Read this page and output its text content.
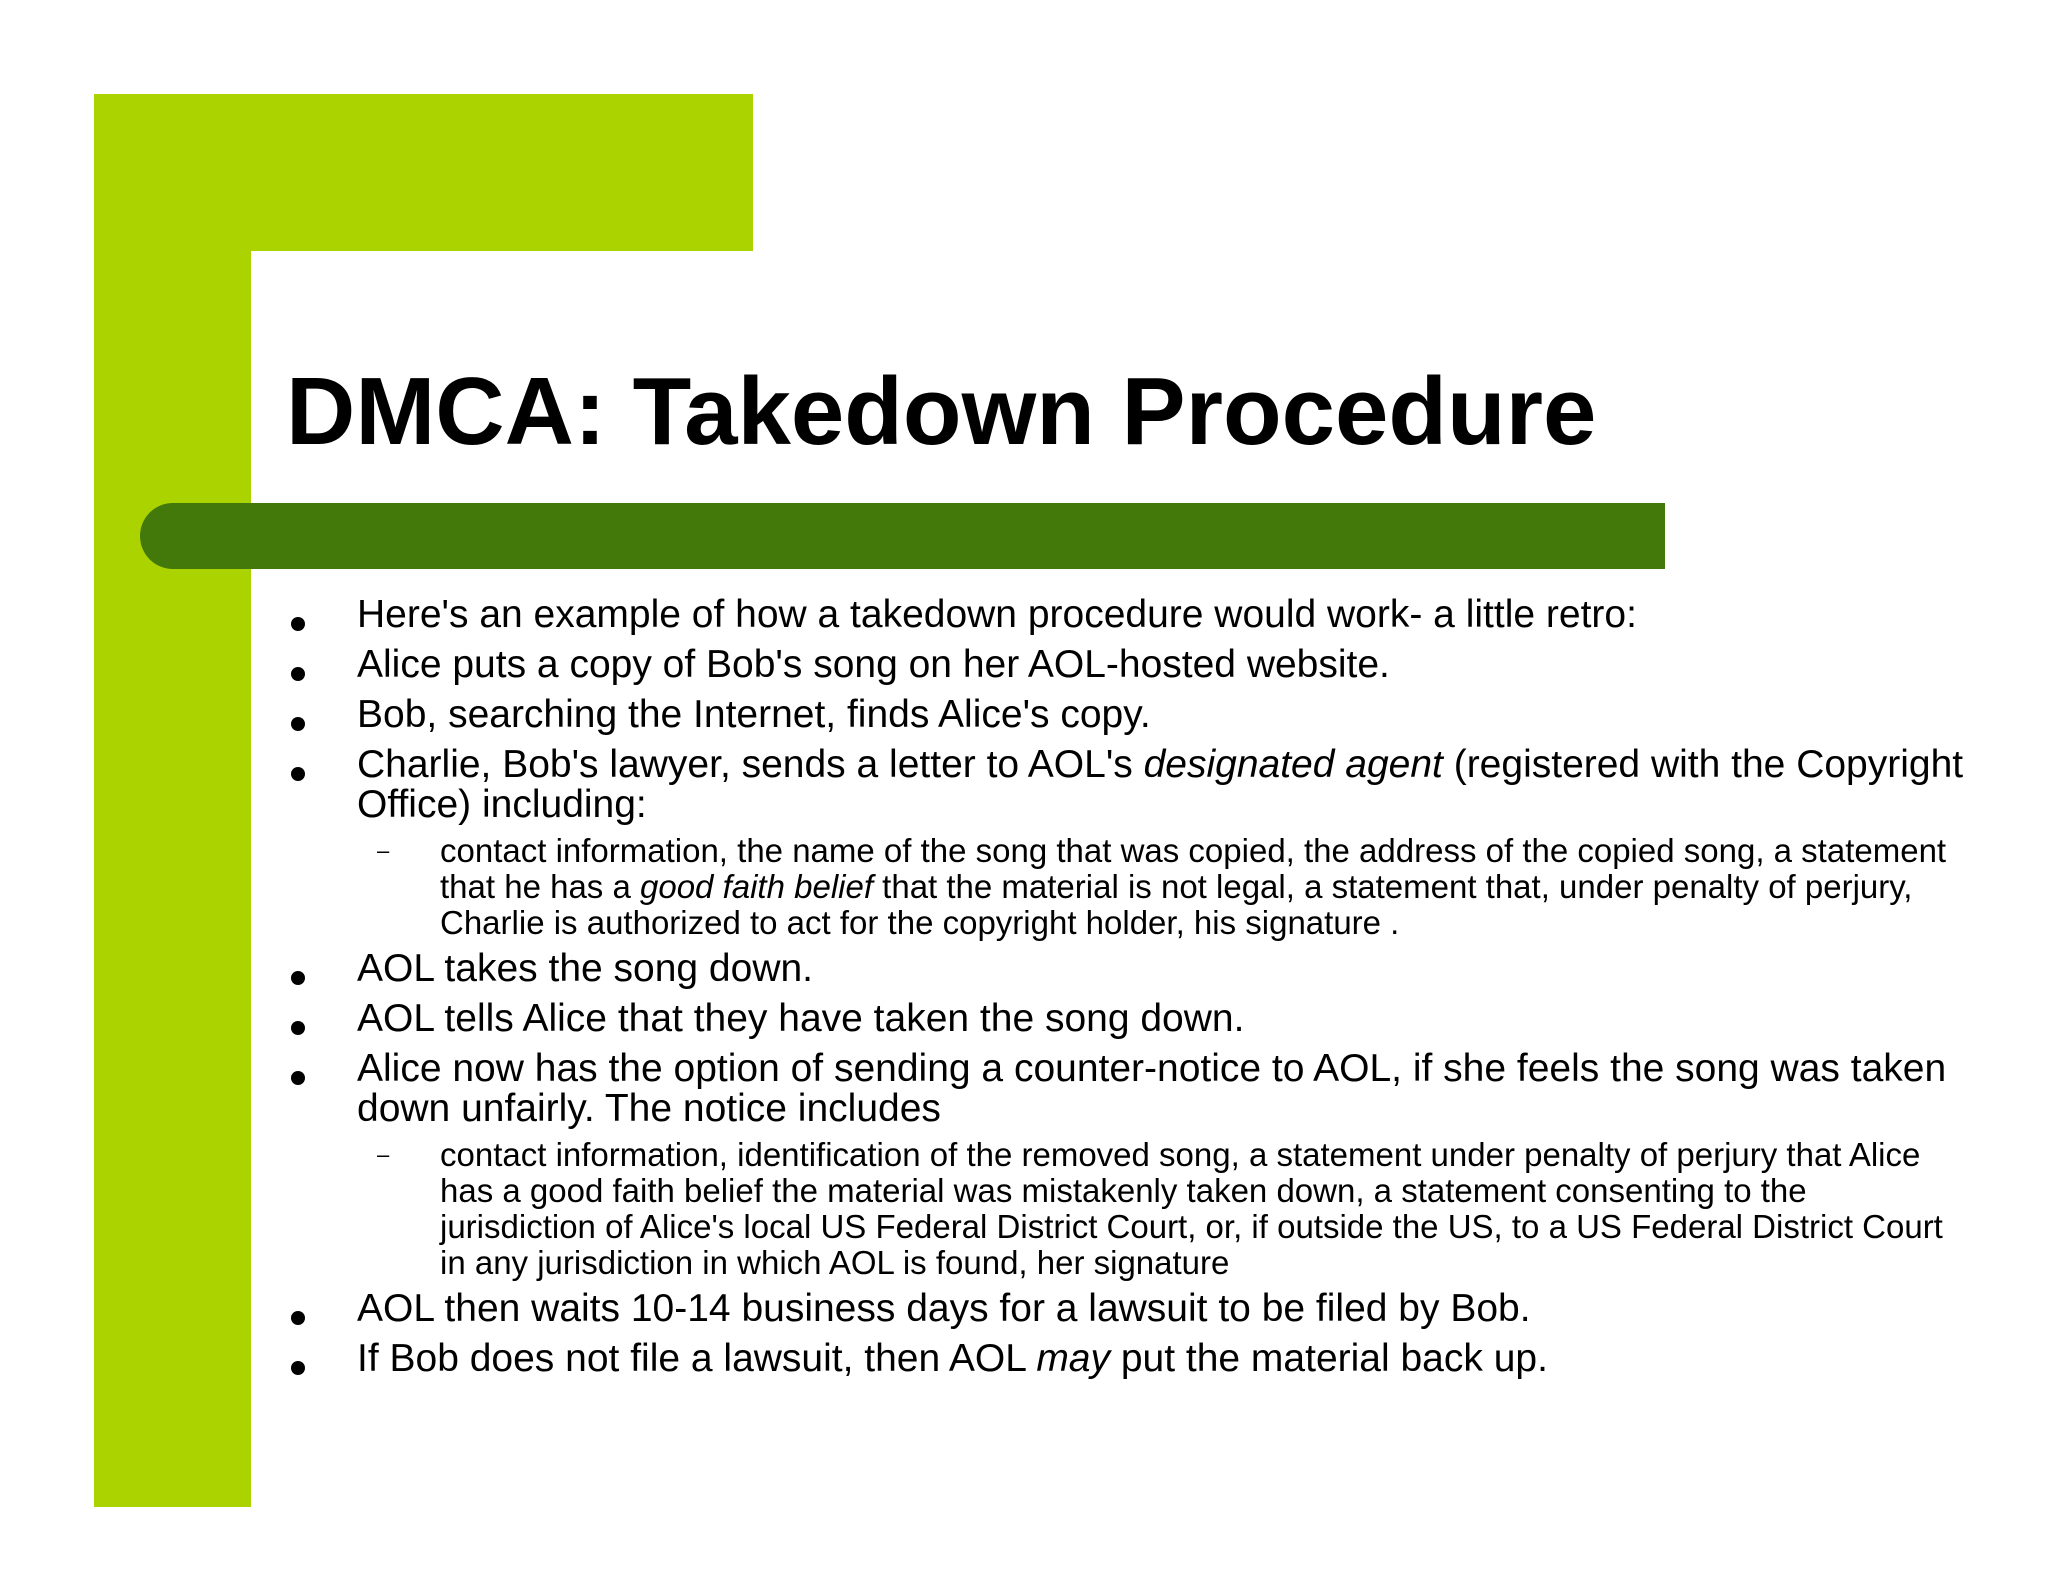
DMCA: Takedown Procedure
Here's an example of how a takedown procedure would work- a little retro:
Alice puts a copy of Bob's song on her AOL-hosted website.
Bob, searching the Internet, finds Alice's copy.
Charlie, Bob's lawyer, sends a letter to AOL's designated agent (registered with the Copyright Office) including:
– contact information, the name of the song that was copied, the address of the copied song, a statement that he has a good faith belief that the material is not legal, a statement that, under penalty of perjury, Charlie is authorized to act for the copyright holder, his signature .
AOL takes the song down.
AOL tells Alice that they have taken the song down.
Alice now has the option of sending a counter-notice to AOL, if she feels the song was taken down unfairly. The notice includes
– contact information, identification of the removed song, a statement under penalty of perjury that Alice has a good faith belief the material was mistakenly taken down, a statement consenting to the jurisdiction of Alice's local US Federal District Court, or, if outside the US, to a US Federal District Court in any jurisdiction in which AOL is found, her signature
AOL then waits 10-14 business days for a lawsuit to be filed by Bob.
If Bob does not file a lawsuit, then AOL may put the material back up.
